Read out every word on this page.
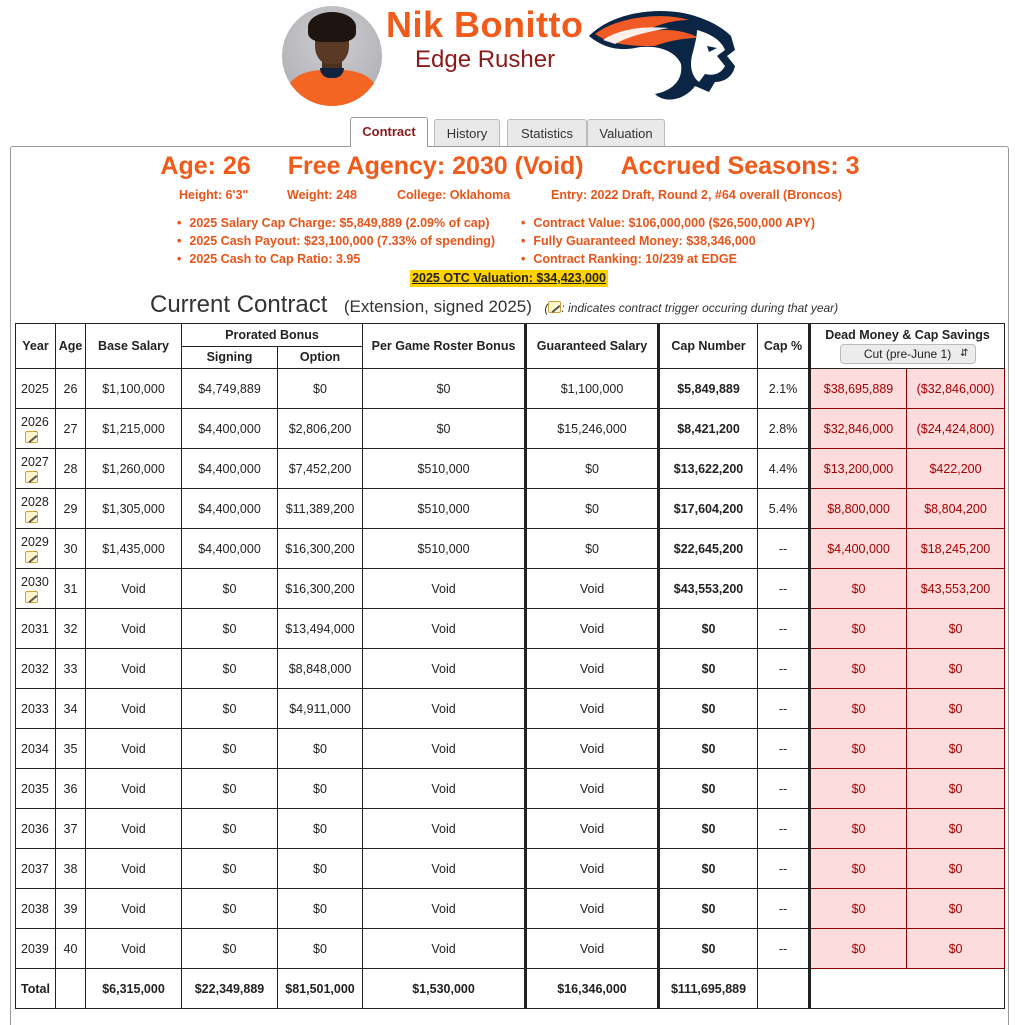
Nik Bonitto
Edge Rusher
Contract	History	Statistics	Valuation
Age: 26 Free Agency: 2030 (Void) Accrued Seasons: 3
Height: 6'3"	Weight: 248	College: Oklahoma	Entry: 2022 Draft, Round 2, #64 overall (Broncos)
• 2025 Salary Cap Charge: $5,849,889 (2.09% of cap)
• 2025 Cash Payout: $23,100,000 (7.33% of spending)
• 2025 Cash to Cap Ratio: 3.95
• Contract Value: $106,000,000 ($26,500,000 APY)
• Fully Guaranteed Money: $38,346,000
• Contract Ranking: 10/239 at EDGE
2025 OTC Valuation: $34,423,000
Current Contract (Extension, signed 2025) ( : indicates contract trigger occuring during that year)
Year	Age	Base Salary	Prorated Bonus		Per Game Roster Bonus	Guaranteed Salary	Cap Number	Cap %	Dead Money & Cap Savings
Cut (pre-June 1) ⇵	

			Signing	Option						
2025	26	$1,100,000	$4,749,889	$0	$0	$1,100,000	$5,849,889	2.1%	$38,695,889	($32,846,000)
2026	27	$1,215,000	$4,400,000	$2,806,200	$0	$15,246,000	$8,421,200	2.8%	$32,846,000	($24,424,800)
2027	28	$1,260,000	$4,400,000	$7,452,200	$510,000	$0	$13,622,200	4.4%	$13,200,000	$422,200
2028	29	$1,305,000	$4,400,000	$11,389,200	$510,000	$0	$17,604,200	5.4%	$8,800,000	$8,804,200
2029	30	$1,435,000	$4,400,000	$16,300,200	$510,000	$0	$22,645,200	--	$4,400,000	$18,245,200
2030	31	Void	$0	$16,300,200	Void	Void	$43,553,200	--	$0	$43,553,200
2031	32	Void	$0	$13,494,000	Void	Void	$0	--	$0	$0
2032	33	Void	$0	$8,848,000	Void	Void	$0	--	$0	$0
2033	34	Void	$0	$4,911,000	Void	Void	$0	--	$0	$0
2034	35	Void	$0	$0	Void	Void	$0	--	$0	$0
2035	36	Void	$0	$0	Void	Void	$0	--	$0	$0
2036	37	Void	$0	$0	Void	Void	$0	--	$0	$0
2037	38	Void	$0	$0	Void	Void	$0	--	$0	$0
2038	39	Void	$0	$0	Void	Void	$0	--	$0	$0
2039	40	Void	$0	$0	Void	Void	$0	--	$0	$0
Total		$6,315,000	$22,349,889	$81,501,000	$1,530,000	$16,346,000	$111,695,889			
